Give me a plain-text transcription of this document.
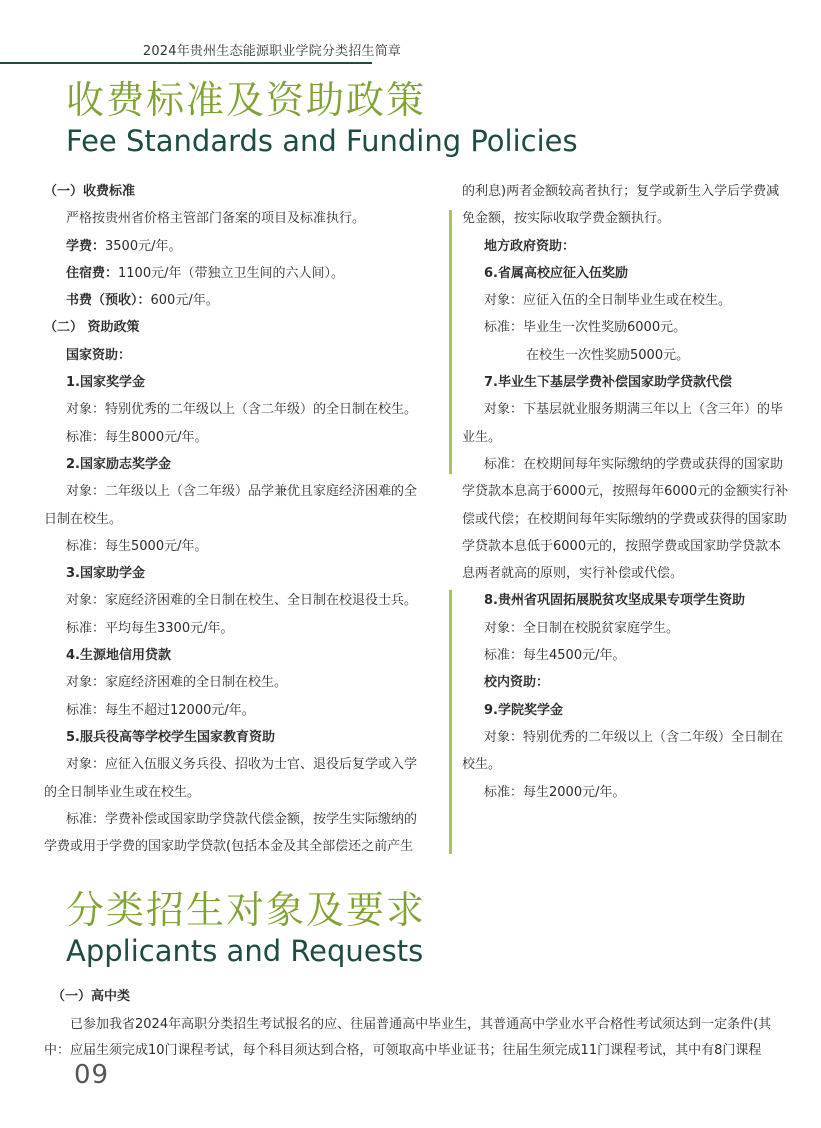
2024年贵州生态能源职业学院分类招生简章
收费标准及资助政策
Fee Standards and Funding Policies
（一）收费标准
严格按贵州省价格主管部门备案的项目及标准执行。
学费：3500元/年。
住宿费：1100元/年（带独立卫生间的六人间）。
书费（预收）：600元/年。
（二） 资助政策
国家资助：
1.国家奖学金
对象：特别优秀的二年级以上（含二年级）的全日制在校生。
标准：每生8000元/年。
2.国家励志奖学金
对象：二年级以上（含二年级）品学兼优且家庭经济困难的全
日制在校生。
标准：每生5000元/年。
3.国家助学金
对象：家庭经济困难的全日制在校生、全日制在校退役士兵。
标准：平均每生3300元/年。
4.生源地信用贷款
对象：家庭经济困难的全日制在校生。
标准：每生不超过12000元/年。
5.服兵役高等学校学生国家教育资助
对象：应征入伍服义务兵役、招收为士官、退役后复学或入学
的全日制毕业生或在校生。
标准：学费补偿或国家助学贷款代偿金额，按学生实际缴纳的
学费或用于学费的国家助学贷款(包括本金及其全部偿还之前产生
的利息)两者金额较高者执行；复学或新生入学后学费减
免金额，按实际收取学费金额执行。
地方政府资助：
6.省属高校应征入伍奖励
对象：应征入伍的全日制毕业生或在校生。
标准：毕业生一次性奖励6000元。
在校生一次性奖励5000元。
7.毕业生下基层学费补偿国家助学贷款代偿
对象：下基层就业服务期满三年以上（含三年）的毕
业生。
标准：在校期间每年实际缴纳的学费或获得的国家助
学贷款本息高于6000元，按照每年6000元的金额实行补
偿或代偿；在校期间每年实际缴纳的学费或获得的国家助
学贷款本息低于6000元的，按照学费或国家助学贷款本
息两者就高的原则，实行补偿或代偿。
8.贵州省巩固拓展脱贫攻坚成果专项学生资助
对象：全日制在校脱贫家庭学生。
标准：每生4500元/年。
校内资助：
9.学院奖学金
对象：特别优秀的二年级以上（含二年级）全日制在
校生。
标准：每生2000元/年。
分类招生对象及要求
Applicants and Requests
（一）高中类
已参加我省2024年高职分类招生考试报名的应、往届普通高中毕业生，其普通高中学业水平合格性考试须达到一定条件(其
中：应届生须完成10门课程考试，每个科目须达到合格，可领取高中毕业证书；往届生须完成11门课程考试，其中有8门课程
09
